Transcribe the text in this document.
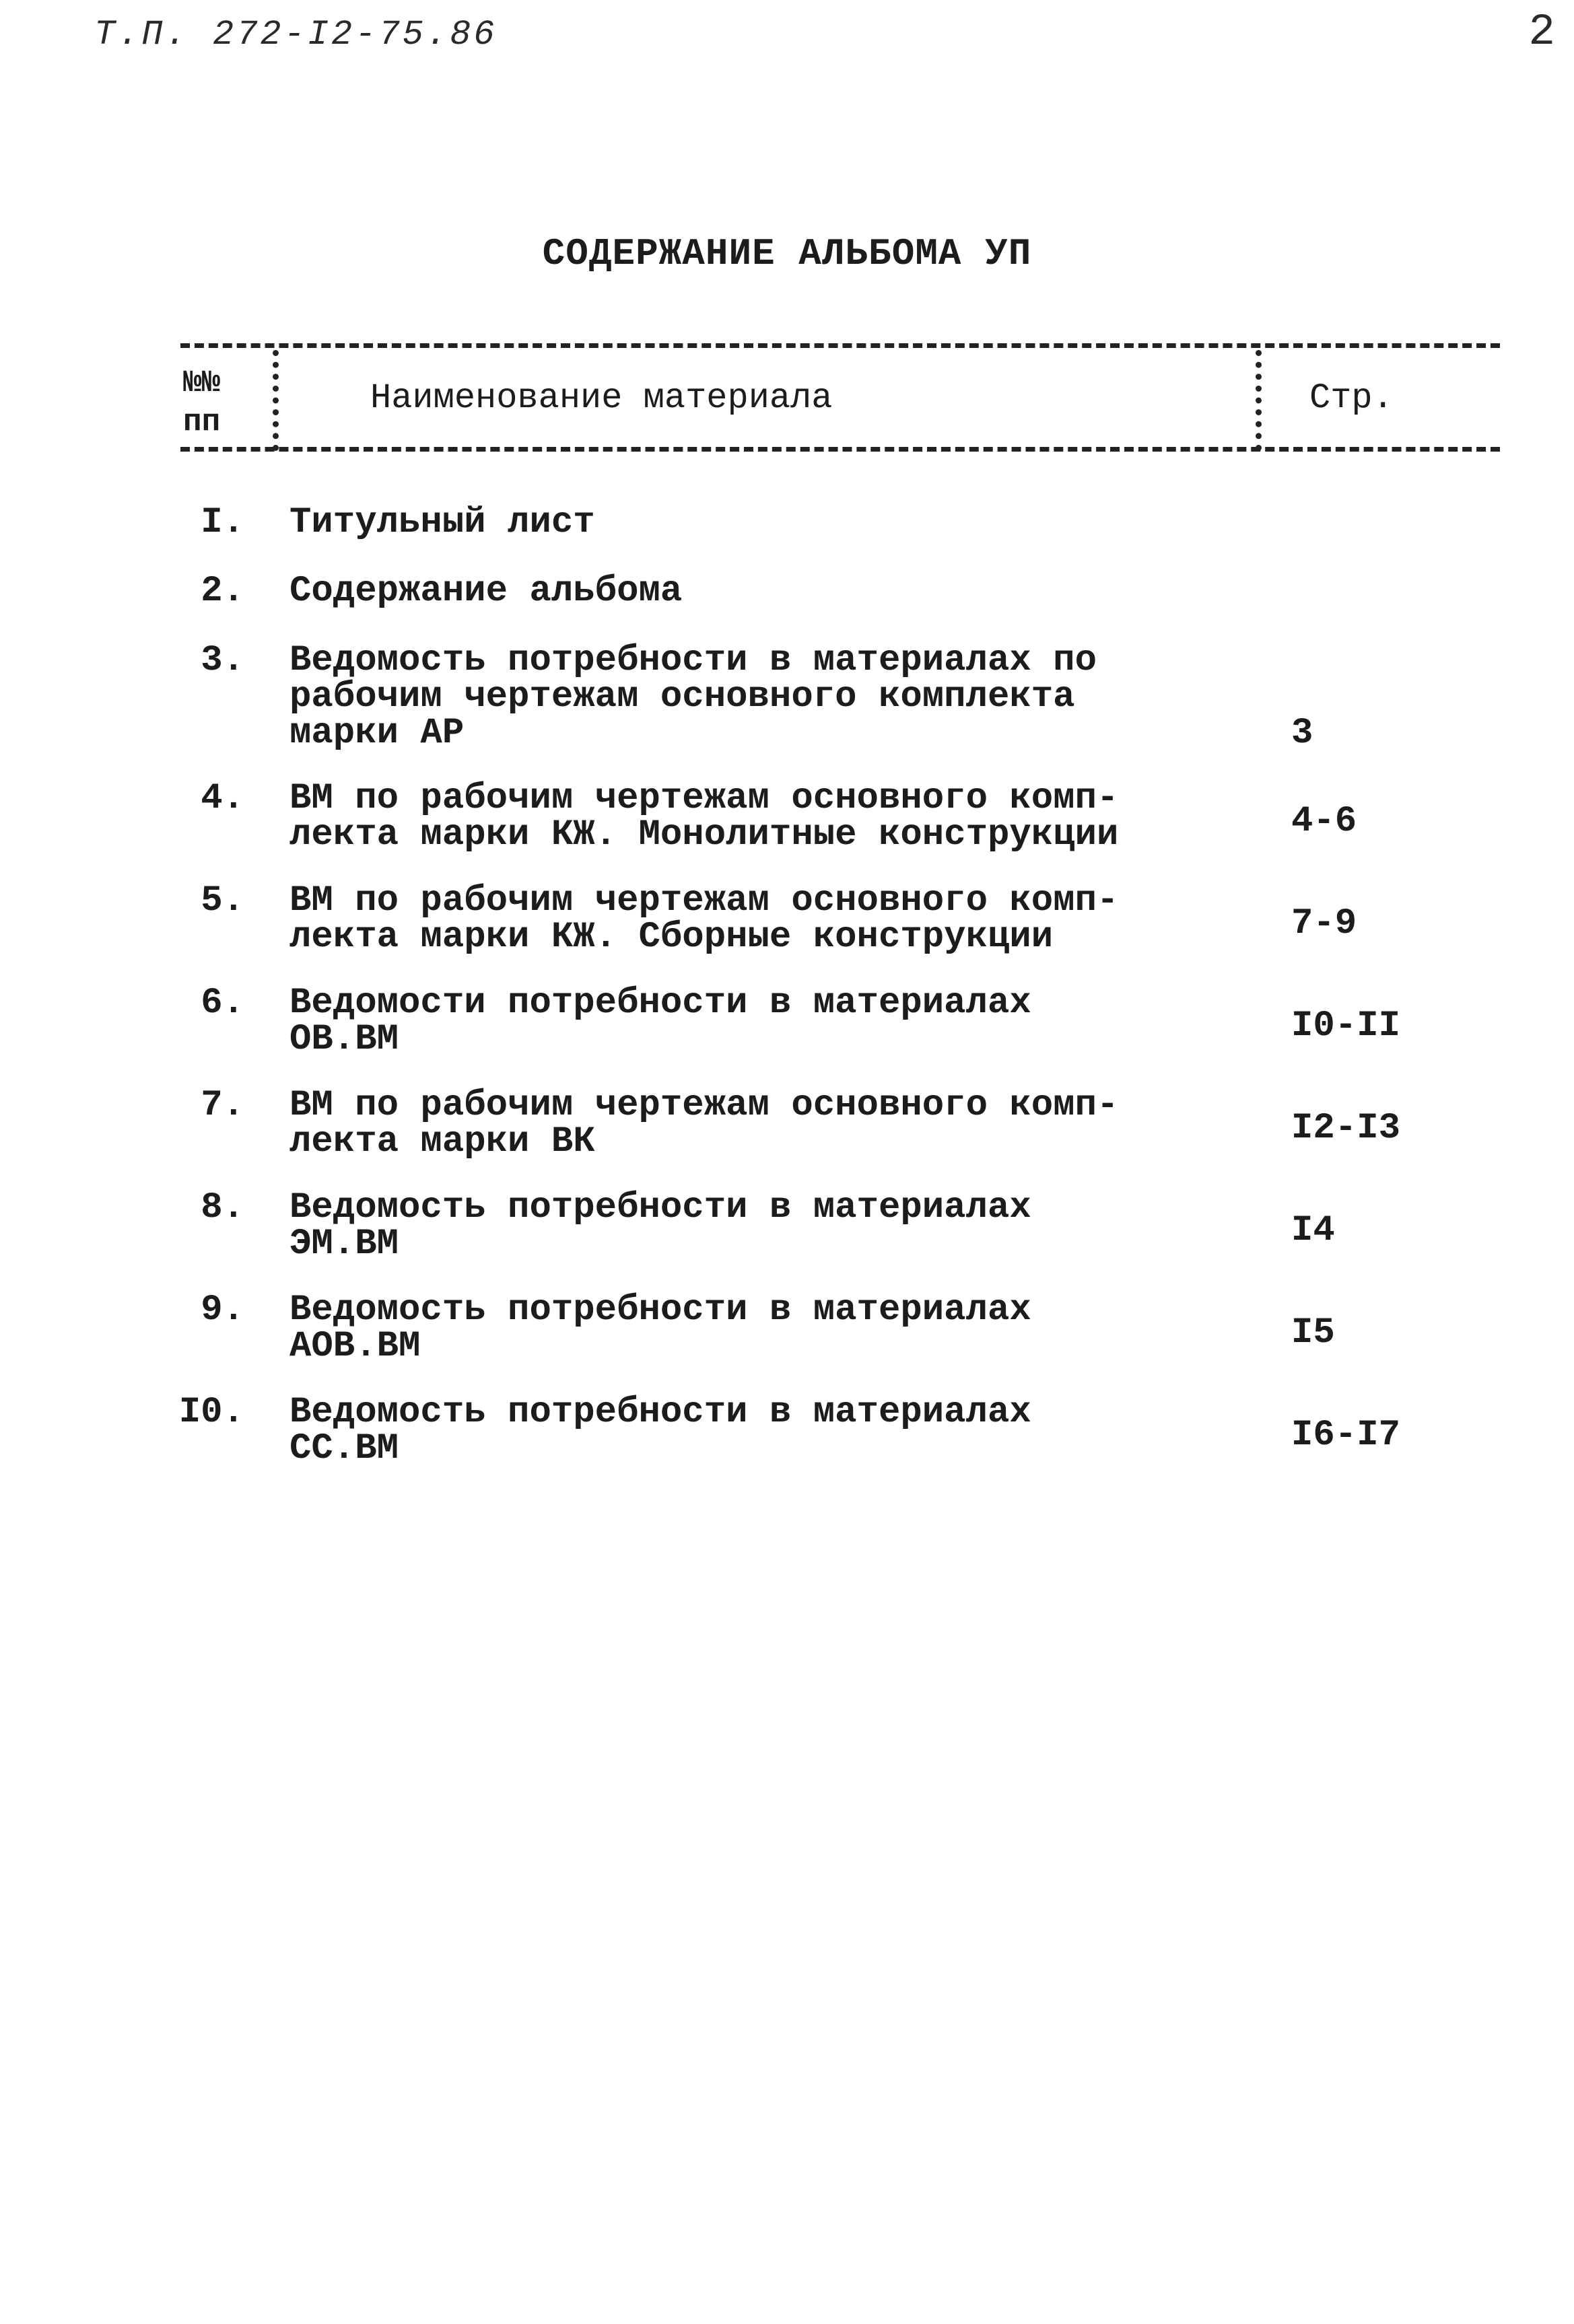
Т.П. 272-I2-75.86	2
СОДЕРЖАНИЕ АЛЬБОМА УП
№№
пп
Наименование материала	Стр.
I. Титульный лист
2. Содержание альбома
3. Ведомость потребности в материалах по
рабочим чертежам основного комплекта
марки АР	3
4. ВМ по рабочим чертежам основного комп-
лекта марки КЖ. Монолитные конструкции	4-6
5. ВМ по рабочим чертежам основного комп-
лекта марки КЖ. Сборные конструкции	7-9
6. Ведомости потребности в материалах
ОВ.ВМ	I0-II
7. ВМ по рабочим чертежам основного комп-
лекта марки ВК	I2-I3
8. Ведомость потребности в материалах
ЭМ.ВМ	I4
9. Ведомость потребности в материалах
АОВ.ВМ	I5
I0. Ведомость потребности в материалах
СС.ВМ	I6-I7
